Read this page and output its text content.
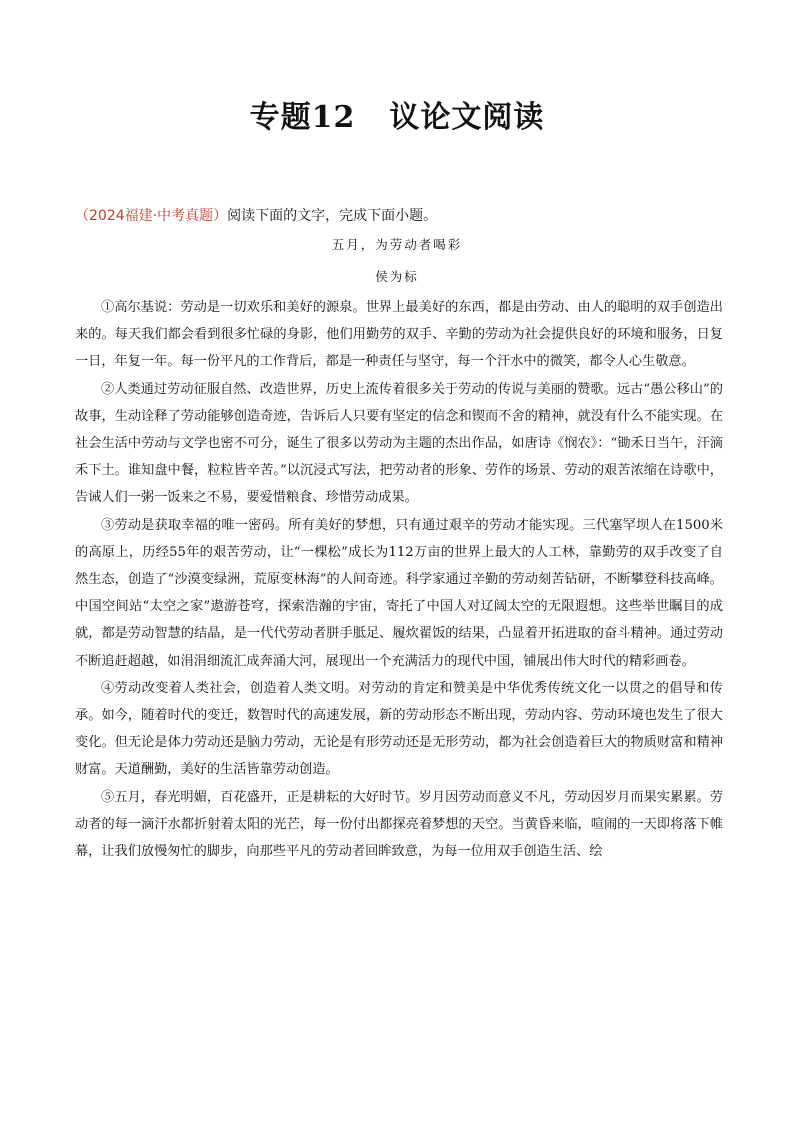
专题12 议论文阅读
（2024福建·中考真题）阅读下面的文字，完成下面小题。
五月，为劳动者喝彩
侯为标

①高尔基说：劳动是一切欢乐和美好的源泉。世界上最美好的东西，都是由劳动、由人的聪明的双手创造出来的。每天我们都会看到很多忙碌的身影，他们用勤劳的双手、辛勤的劳动为社会提供良好的环境和服务，日复一日，年复一年。每一份平凡的工作背后，都是一种责任与坚守，每一个汗水中的微笑，都令人心生敬意。

②人类通过劳动征服自然、改造世界，历史上流传着很多关于劳动的传说与美丽的赞歌。远古“愚公移山”的故事，生动诠释了劳动能够创造奇迹，告诉后人只要有坚定的信念和锲而不舍的精神，就没有什么不能实现。在社会生活中劳动与文学也密不可分，诞生了很多以劳动为主题的杰出作品，如唐诗《悯农》：“锄禾日当午，汗滴禾下土。谁知盘中餐，粒粒皆辛苦。”以沉浸式写法，把劳动者的形象、劳作的场景、劳动的艰苦浓缩在诗歌中，告诫人们一粥一饭来之不易，要爱惜粮食、珍惜劳动成果。

③劳动是获取幸福的唯一密码。所有美好的梦想，只有通过艰辛的劳动才能实现。三代塞罕坝人在1500米的高原上，历经55年的艰苦劳动，让“一棵松”成长为112万亩的世界上最大的人工林，靠勤劳的双手改变了自然生态，创造了“沙漠变绿洲，荒原变林海”的人间奇迹。科学家通过辛勤的劳动刻苦钻研，不断攀登科技高峰。中国空间站“太空之家”遨游苍穹，探索浩瀚的宇宙，寄托了中国人对辽阔太空的无限遐想。这些举世瞩目的成就，都是劳动智慧的结晶，是一代代劳动者胼手胝足、履炊翟饭的结果，凸显着开拓进取的奋斗精神。通过劳动不断追赶超越，如涓涓细流汇成奔涌大河，展现出一个充满活力的现代中国，铺展出伟大时代的精彩画卷。

④劳动改变着人类社会，创造着人类文明。对劳动的肯定和赞美是中华优秀传统文化一以贯之的倡导和传承。如今，随着时代的变迁，数智时代的高速发展，新的劳动形态不断出现，劳动内容、劳动环境也发生了很大变化。但无论是体力劳动还是脑力劳动，无论是有形劳动还是无形劳动，都为社会创造着巨大的物质财富和精神财富。天道酬勤，美好的生活皆靠劳动创造。

⑤五月，春光明媚，百花盛开，正是耕耘的大好时节。岁月因劳动而意义不凡，劳动因岁月而果实累累。劳动者的每一滴汗水都折射着太阳的光芒，每一份付出都探亮着梦想的天空。当黄昏来临，喧闹的一天即将落下帷幕，让我们放慢匆忙的脚步，向那些平凡的劳动者回眸致意，为每一位用双手创造生活、绘
